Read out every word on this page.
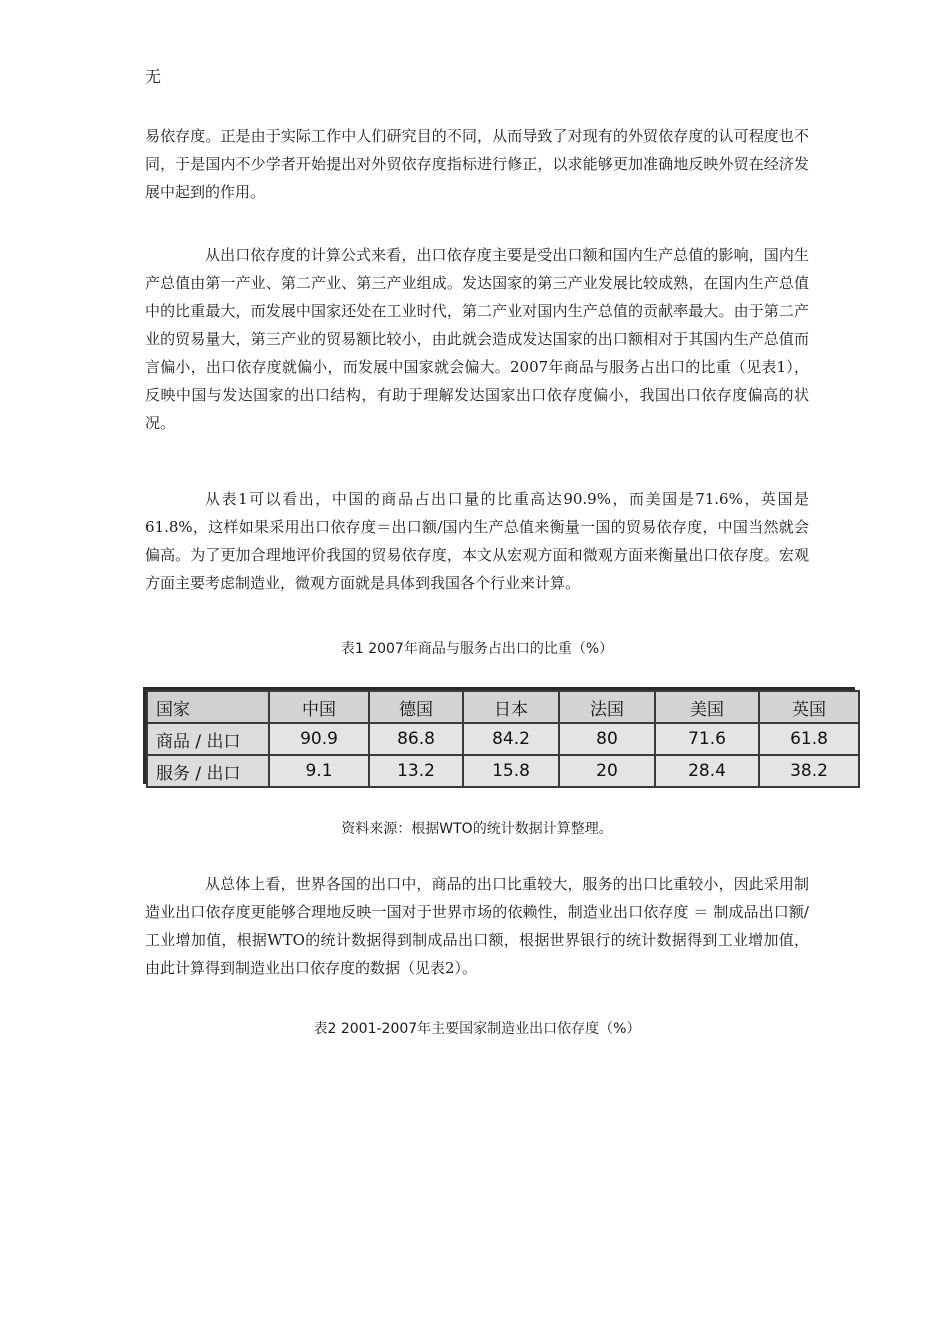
无

易依存度。正是由于实际工作中人们研究目的不同，从而导致了对现有的外贸依存度的认可程度也不同，于是国内不少学者开始提出对外贸依存度指标进行修正，以求能够更加准确地反映外贸在经济发展中起到的作用。

从出口依存度的计算公式来看，出口依存度主要是受出口额和国内生产总值的影响，国内生产总值由第一产业、第二产业、第三产业组成。发达国家的第三产业发展比较成熟，在国内生产总值中的比重最大，而发展中国家还处在工业时代，第二产业对国内生产总值的贡献率最大。由于第二产业的贸易量大，第三产业的贸易额比较小，由此就会造成发达国家的出口额相对于其国内生产总值而言偏小，出口依存度就偏小，而发展中国家就会偏大。2007年商品与服务占出口的比重（见表1），反映中国与发达国家的出口结构，有助于理解发达国家出口依存度偏小，我国出口依存度偏高的状况。

从表1可以看出，中国的商品占出口量的比重高达90.9%，而美国是71.6%，英国是61.8%，这样如果采用出口依存度＝出口额/国内生产总值来衡量一国的贸易依存度，中国当然就会偏高。为了更加合理地评价我国的贸易依存度，本文从宏观方面和微观方面来衡量出口依存度。宏观方面主要考虑制造业，微观方面就是具体到我国各个行业来计算。

表1 2007年商品与服务占出口的比重（%）
国家	中国	德国	日本	法国	美国	英国
商品 / 出口	90.9	86.8	84.2	80	71.6	61.8
服务 / 出口	9.1	13.2	15.8	20	28.4	38.2
资料来源：根据WTO的统计数据计算整理。

从总体上看，世界各国的出口中，商品的出口比重较大，服务的出口比重较小，因此采用制造业出口依存度更能够合理地反映一国对于世界市场的依赖性，制造业出口依存度 ＝ 制成品出口额/工业增加值，根据WTO的统计数据得到制成品出口额，根据世界银行的统计数据得到工业增加值，由此计算得到制造业出口依存度的数据（见表2）。

表2 2001-2007年主要国家制造业出口依存度（%）
